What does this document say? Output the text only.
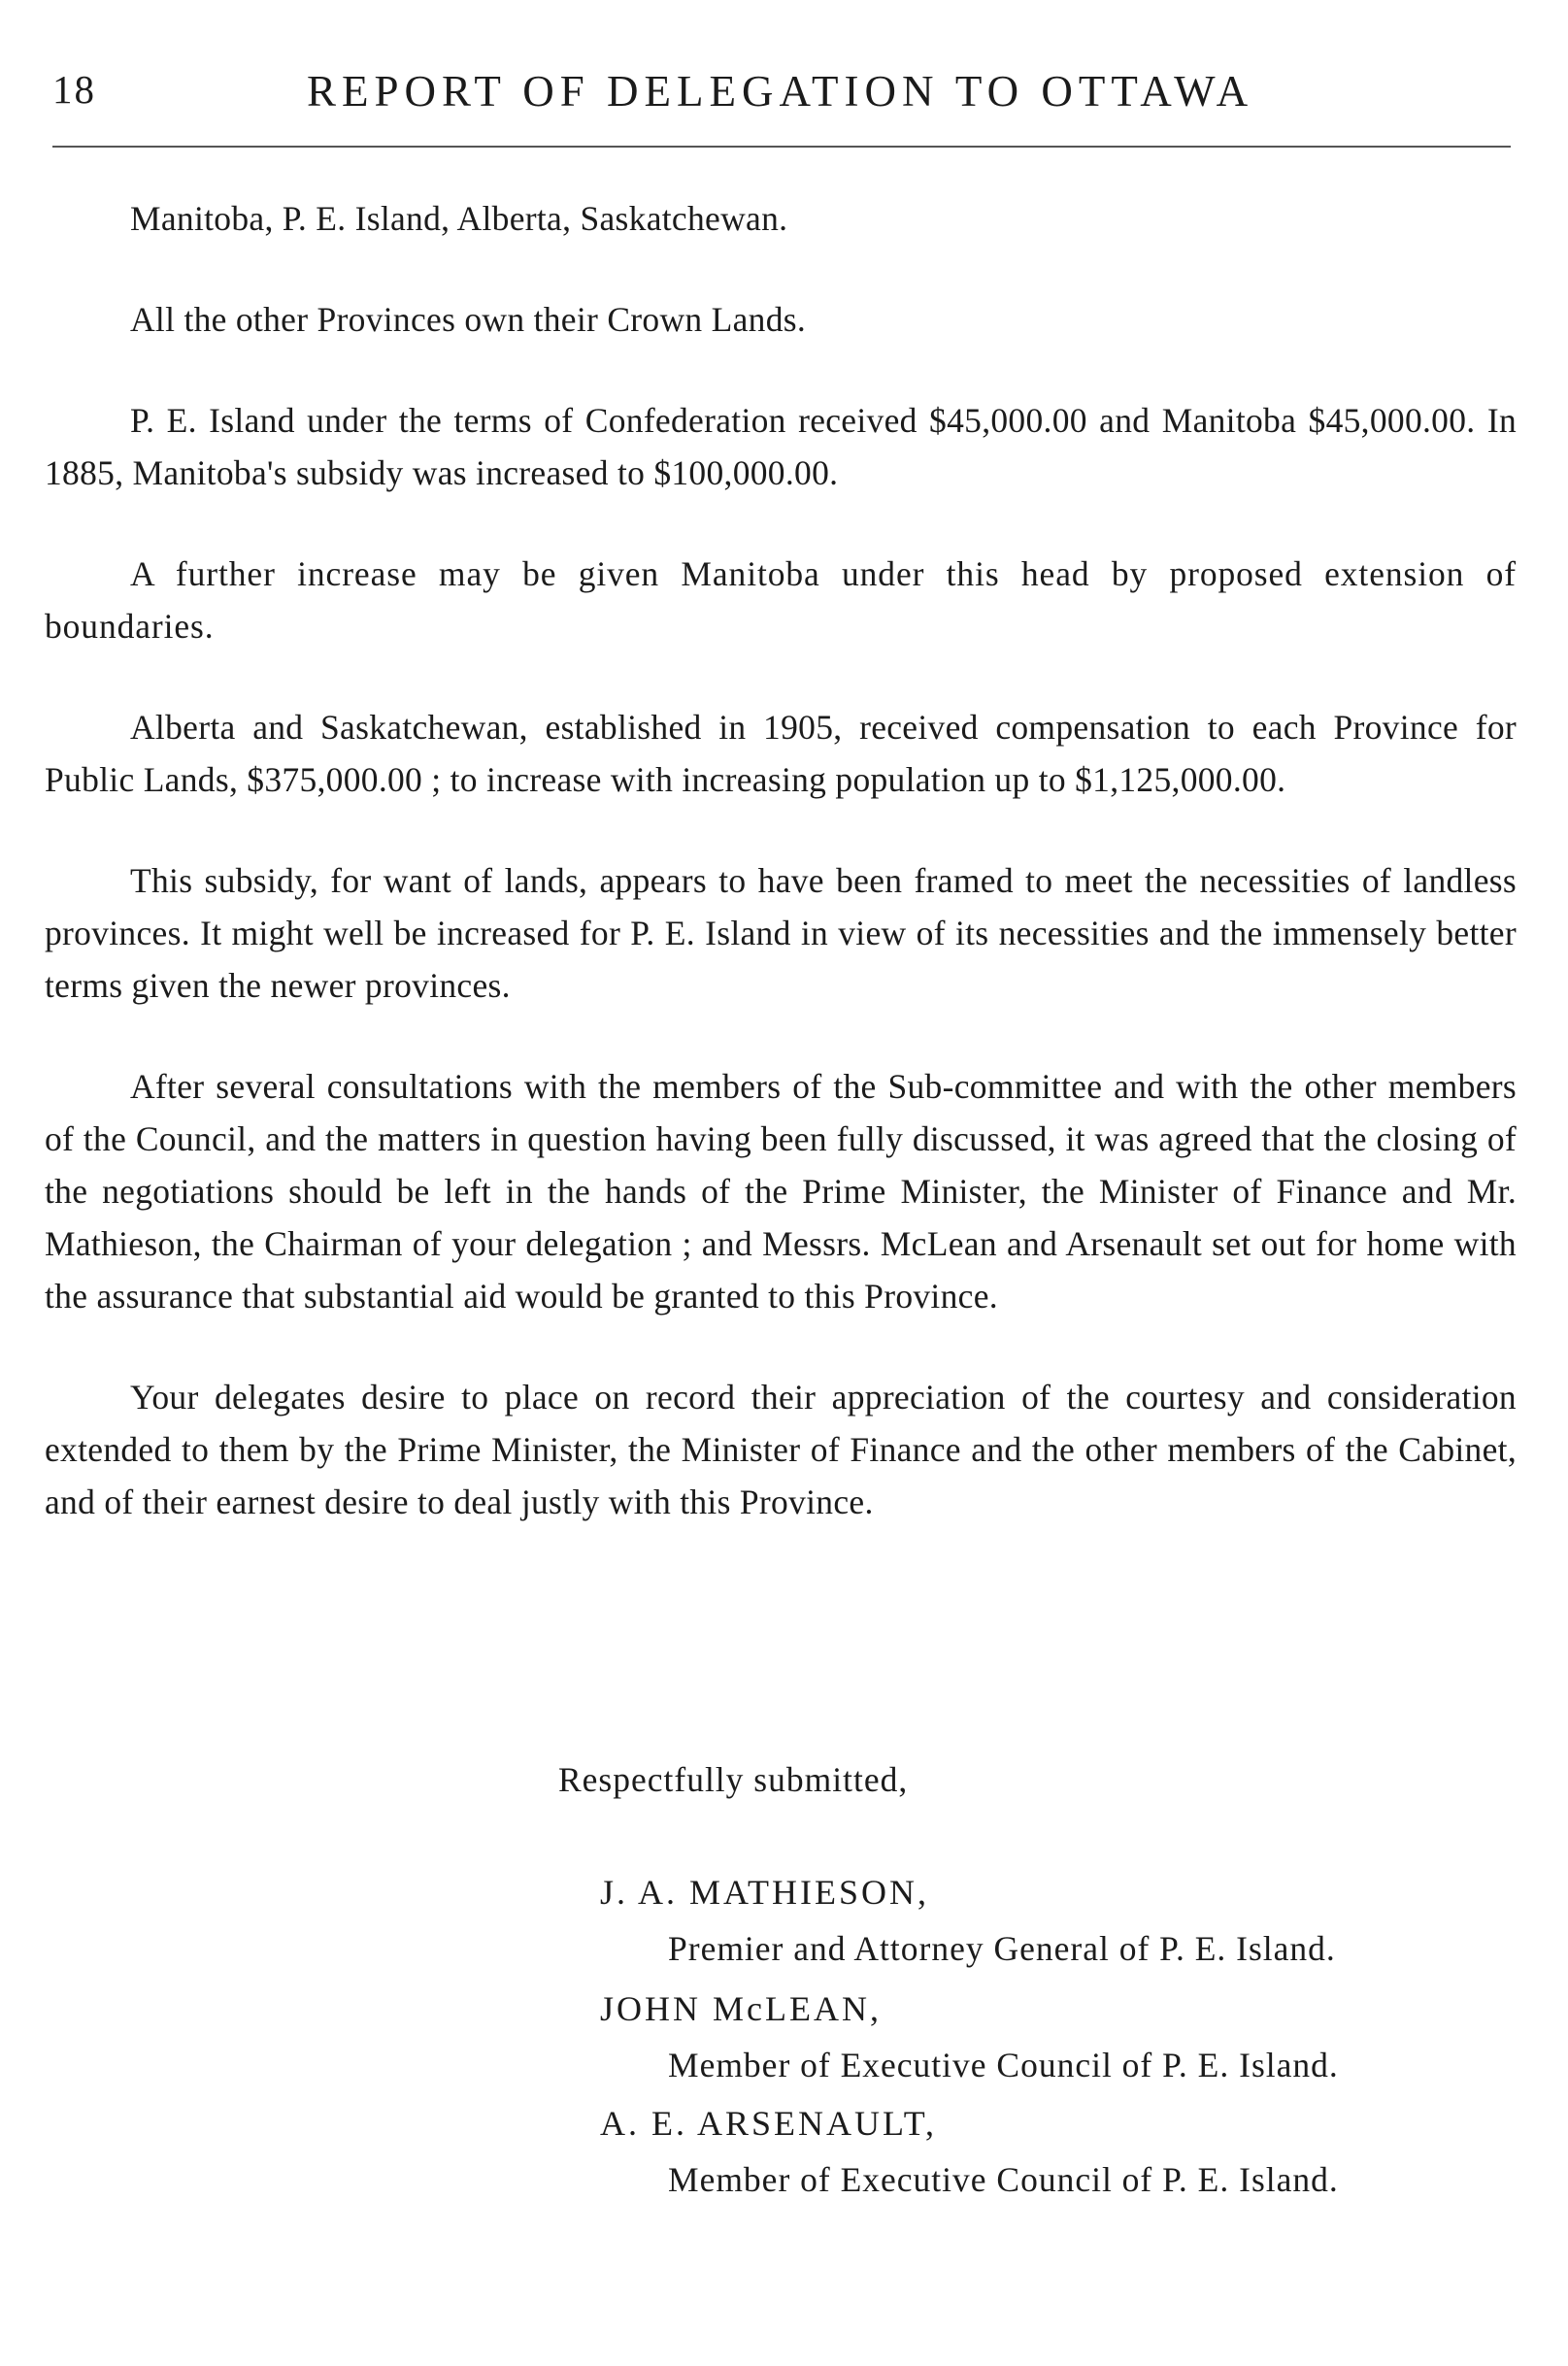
18	REPORT OF DELEGATION TO OTTAWA

Manitoba, P. E. Island, Alberta, Saskatchewan.

All the other Provinces own their Crown Lands.

P. E. Island under the terms of Confederation received $45,000.00 and Manitoba $45,000.00. In 1885, Manitoba's subsidy was increased to $100,000.00.

A further increase may be given Manitoba under this head by proposed extension of boundaries.

Alberta and Saskatchewan, established in 1905, received compensation to each Province for Public Lands, $375,000.00 ; to increase with increasing population up to $1,125,000.00.

This subsidy, for want of lands, appears to have been framed to meet the necessities of landless provinces. It might well be increased for P. E. Island in view of its necessities and the immensely better terms given the newer provinces.

After several consultations with the members of the Sub-committee and with the other members of the Council, and the matters in question having been fully discussed, it was agreed that the closing of the negotiations should be left in the hands of the Prime Minister, the Minister of Finance and Mr. Mathieson, the Chairman of your delegation ; and Messrs. McLean and Arsenault set out for home with the assurance that substantial aid would be granted to this Province.

Your delegates desire to place on record their appreciation of the courtesy and consideration extended to them by the Prime Minister, the Minister of Finance and the other members of the Cabinet, and of their earnest desire to deal justly with this Province.

Respectfully submitted,
J. A. MATHIESON,
Premier and Attorney General of P. E. Island.
JOHN McLEAN,
Member of Executive Council of P. E. Island.
A. E. ARSENAULT,
Member of Executive Council of P. E. Island.
